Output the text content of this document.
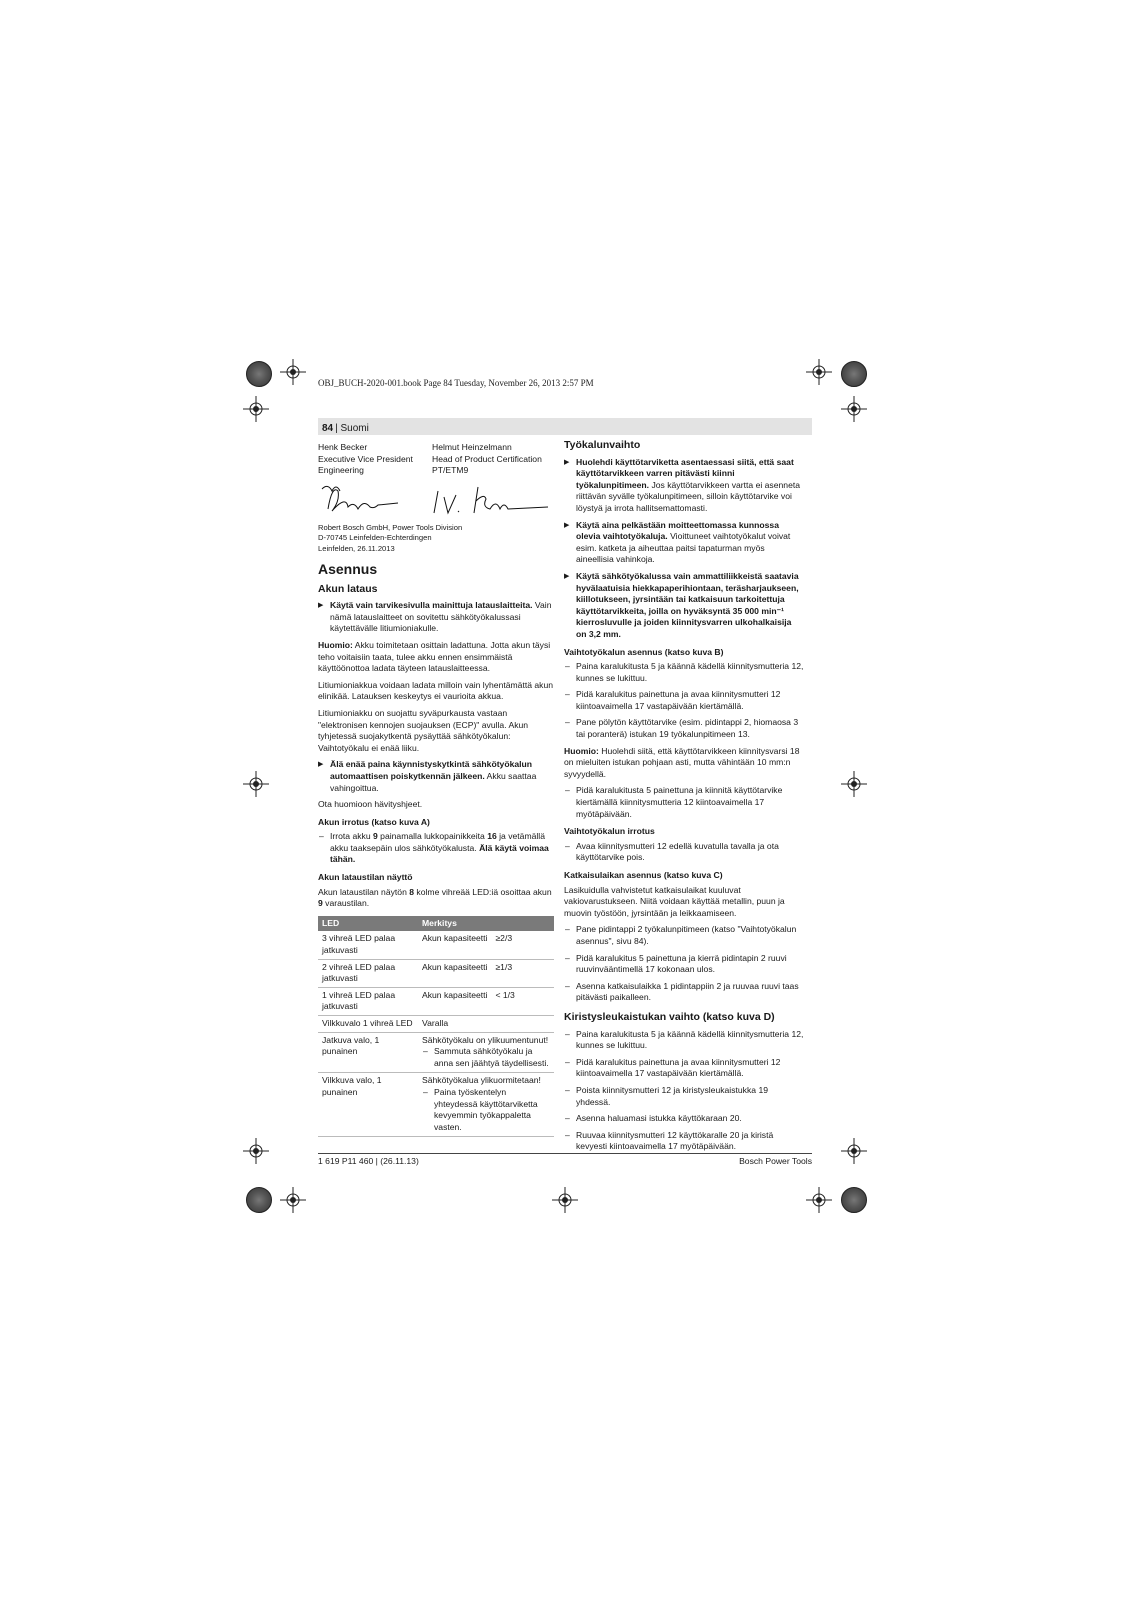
OBJ_BUCH-2020-001.book Page 84 Tuesday, November 26, 2013 2:57 PM
84 | Suomi
Henk Becker
Executive Vice President
Engineering

Helmut Heinzelmann
Head of Product Certification
PT/ETM9
Robert Bosch GmbH, Power Tools Division
D-70745 Leinfelden-Echterdingen
Leinfelden, 26.11.2013
Asennus
Akun lataus

▶ Käytä vain tarvikesivulla mainittuja latauslaitteita. Vain nämä latauslaitteet on sovitettu sähkötyökalussasi käytettävälle litiumioniakulle.

Huomio: Akku toimitetaan osittain ladattuna. Jotta akun täysi teho voitaisiin taata, tulee akku ennen ensimmäistä käyttöönottoa ladata täyteen latauslaitteessa.

Litiumioniakkua voidaan ladata milloin vain lyhentämättä akun elinikää. Latauksen keskeytys ei vaurioita akkua.

Litiumioniakku on suojattu syväpurkausta vastaan "elektronisen kennojen suojauksen (ECP)" avulla. Akun tyhjetessä suojakytkentä pysäyttää sähkötyökalun: Vaihtotyökalu ei enää liiku.

▶ Älä enää paina käynnistyskytkintä sähkötyökalun automaattisen poiskytkennän jälkeen. Akku saattaa vahingoittua.

Ota huomioon hävityshjeet.

Akun irrotus (katso kuva A)

– Irrota akku 9 painamalla lukkopainikkeita 16 ja vetämällä akku taaksepäin ulos sähkötyökalusta. Älä käytä voimaa tähän.

Akun lataustilan näyttö

Akun lataustilan näytön 8 kolme vihreää LED:iä osoittaa akun 9 varaustilan.

LED	Merkitys
3 vihreä LED palaa jatkuvasti	Akun kapasiteetti ≥2/3
2 vihreä LED palaa jatkuvasti	Akun kapasiteetti ≥1/3
1 vihreä LED palaa jatkuvasti	Akun kapasiteetti < 1/3
Vilkkuvalo 1 vihreä LED	Varalla
Jatkuva valo, 1 punainen	Sähkötyökalu on ylikuumentunut!
– Sammuta sähkötyökalu ja anna sen jäähtyä täydellisesti.

Vilkkuva valo, 1 punainen	Sähkötyökalua ylikuormitetaan!
– Paina työskentelyn yhteydessä käyttötarviketta kevyemmin työkappaletta vasten.
Työkalunvaihto

▶ Huolehdi käyttötarviketta asentaessasi siitä, että saat käyttötarvikkeen varren pitävästi kiinni työkalunpitimeen. Jos käyttötarvikkeen vartta ei asenneta riittävän syvälle työkalunpitimeen, silloin käyttötarvike voi löystyä ja irrota hallitsemattomasti.

▶ Käytä aina pelkästään moitteettomassa kunnossa olevia vaihtotyökaluja. Vioittuneet vaihtotyökalut voivat esim. katketa ja aiheuttaa paitsi tapaturman myös aineellisia vahinkoja.

▶ Käytä sähkötyökalussa vain ammattiliikkeistä saatavia hyvälaatuisia hiekkapaperihiontaan, teräsharjaukseen, kiillotukseen, jyrsintään tai katkaisuun tarkoitettuja käyttötarvikkeita, joilla on hyväksyntä 35 000 min⁻¹ kierrosluvulle ja joiden kiinnitysvarren ulkohalkaisija on 3,2 mm.

Vaihtotyökalun asennus (katso kuva B)

– Paina karalukitusta 5 ja käännä kädellä kiinnitysmutteria 12, kunnes se lukittuu.

– Pidä karalukitus painettuna ja avaa kiinnitysmutteri 12 kiintoavaimella 17 vastapäivään kiertämällä.

– Pane pölytön käyttötarvike (esim. pidintappi 2, hiomaosa 3 tai poranterä) istukan 19 työkalunpitimeen 13.

Huomio: Huolehdi siitä, että käyttötarvikkeen kiinnitysvarsi 18 on mieluiten istukan pohjaan asti, mutta vähintään 10 mm:n syvyydellä.

– Pidä karalukitusta 5 painettuna ja kiinnitä käyttötarvike kiertämällä kiinnitysmutteria 12 kiintoavaimella 17 myötäpäivään.

Vaihtotyökalun irrotus

– Avaa kiinnitysmutteri 12 edellä kuvatulla tavalla ja ota käyttötarvike pois.

Katkaisulaikan asennus (katso kuva C)

Lasikuidulla vahvistetut katkaisulaikat kuuluvat vakiovarustukseen. Niitä voidaan käyttää metallin, puun ja muovin työstöön, jyrsintään ja leikkaamiseen.

– Pane pidintappi 2 työkalunpitimeen (katso "Vaihtotyökalun asennus", sivu 84).

– Pidä karalukitus 5 painettuna ja kierrä pidintapin 2 ruuvi ruuvinvääntimellä 17 kokonaan ulos.

– Asenna katkaisulaikka 1 pidintappiin 2 ja ruuvaa ruuvi taas pitävästi paikalleen.

Kiristysleukaistukan vaihto (katso kuva D)

– Paina karalukitusta 5 ja käännä kädellä kiinnitysmutteria 12, kunnes se lukittuu.

– Pidä karalukitus painettuna ja avaa kiinnitysmutteri 12 kiintoavaimella 17 vastapäivään kiertämällä.

– Poista kiinnitysmutteri 12 ja kiristysleukaistukka 19 yhdessä.

– Asenna haluamasi istukka käyttökaraan 20.

– Ruuvaa kiinnitysmutteri 12 käyttökaralle 20 ja kiristä kevyesti kiintoavaimella 17 myötäpäivään.

1 619 P11 460 | (26.11.13)	Bosch Power Tools
